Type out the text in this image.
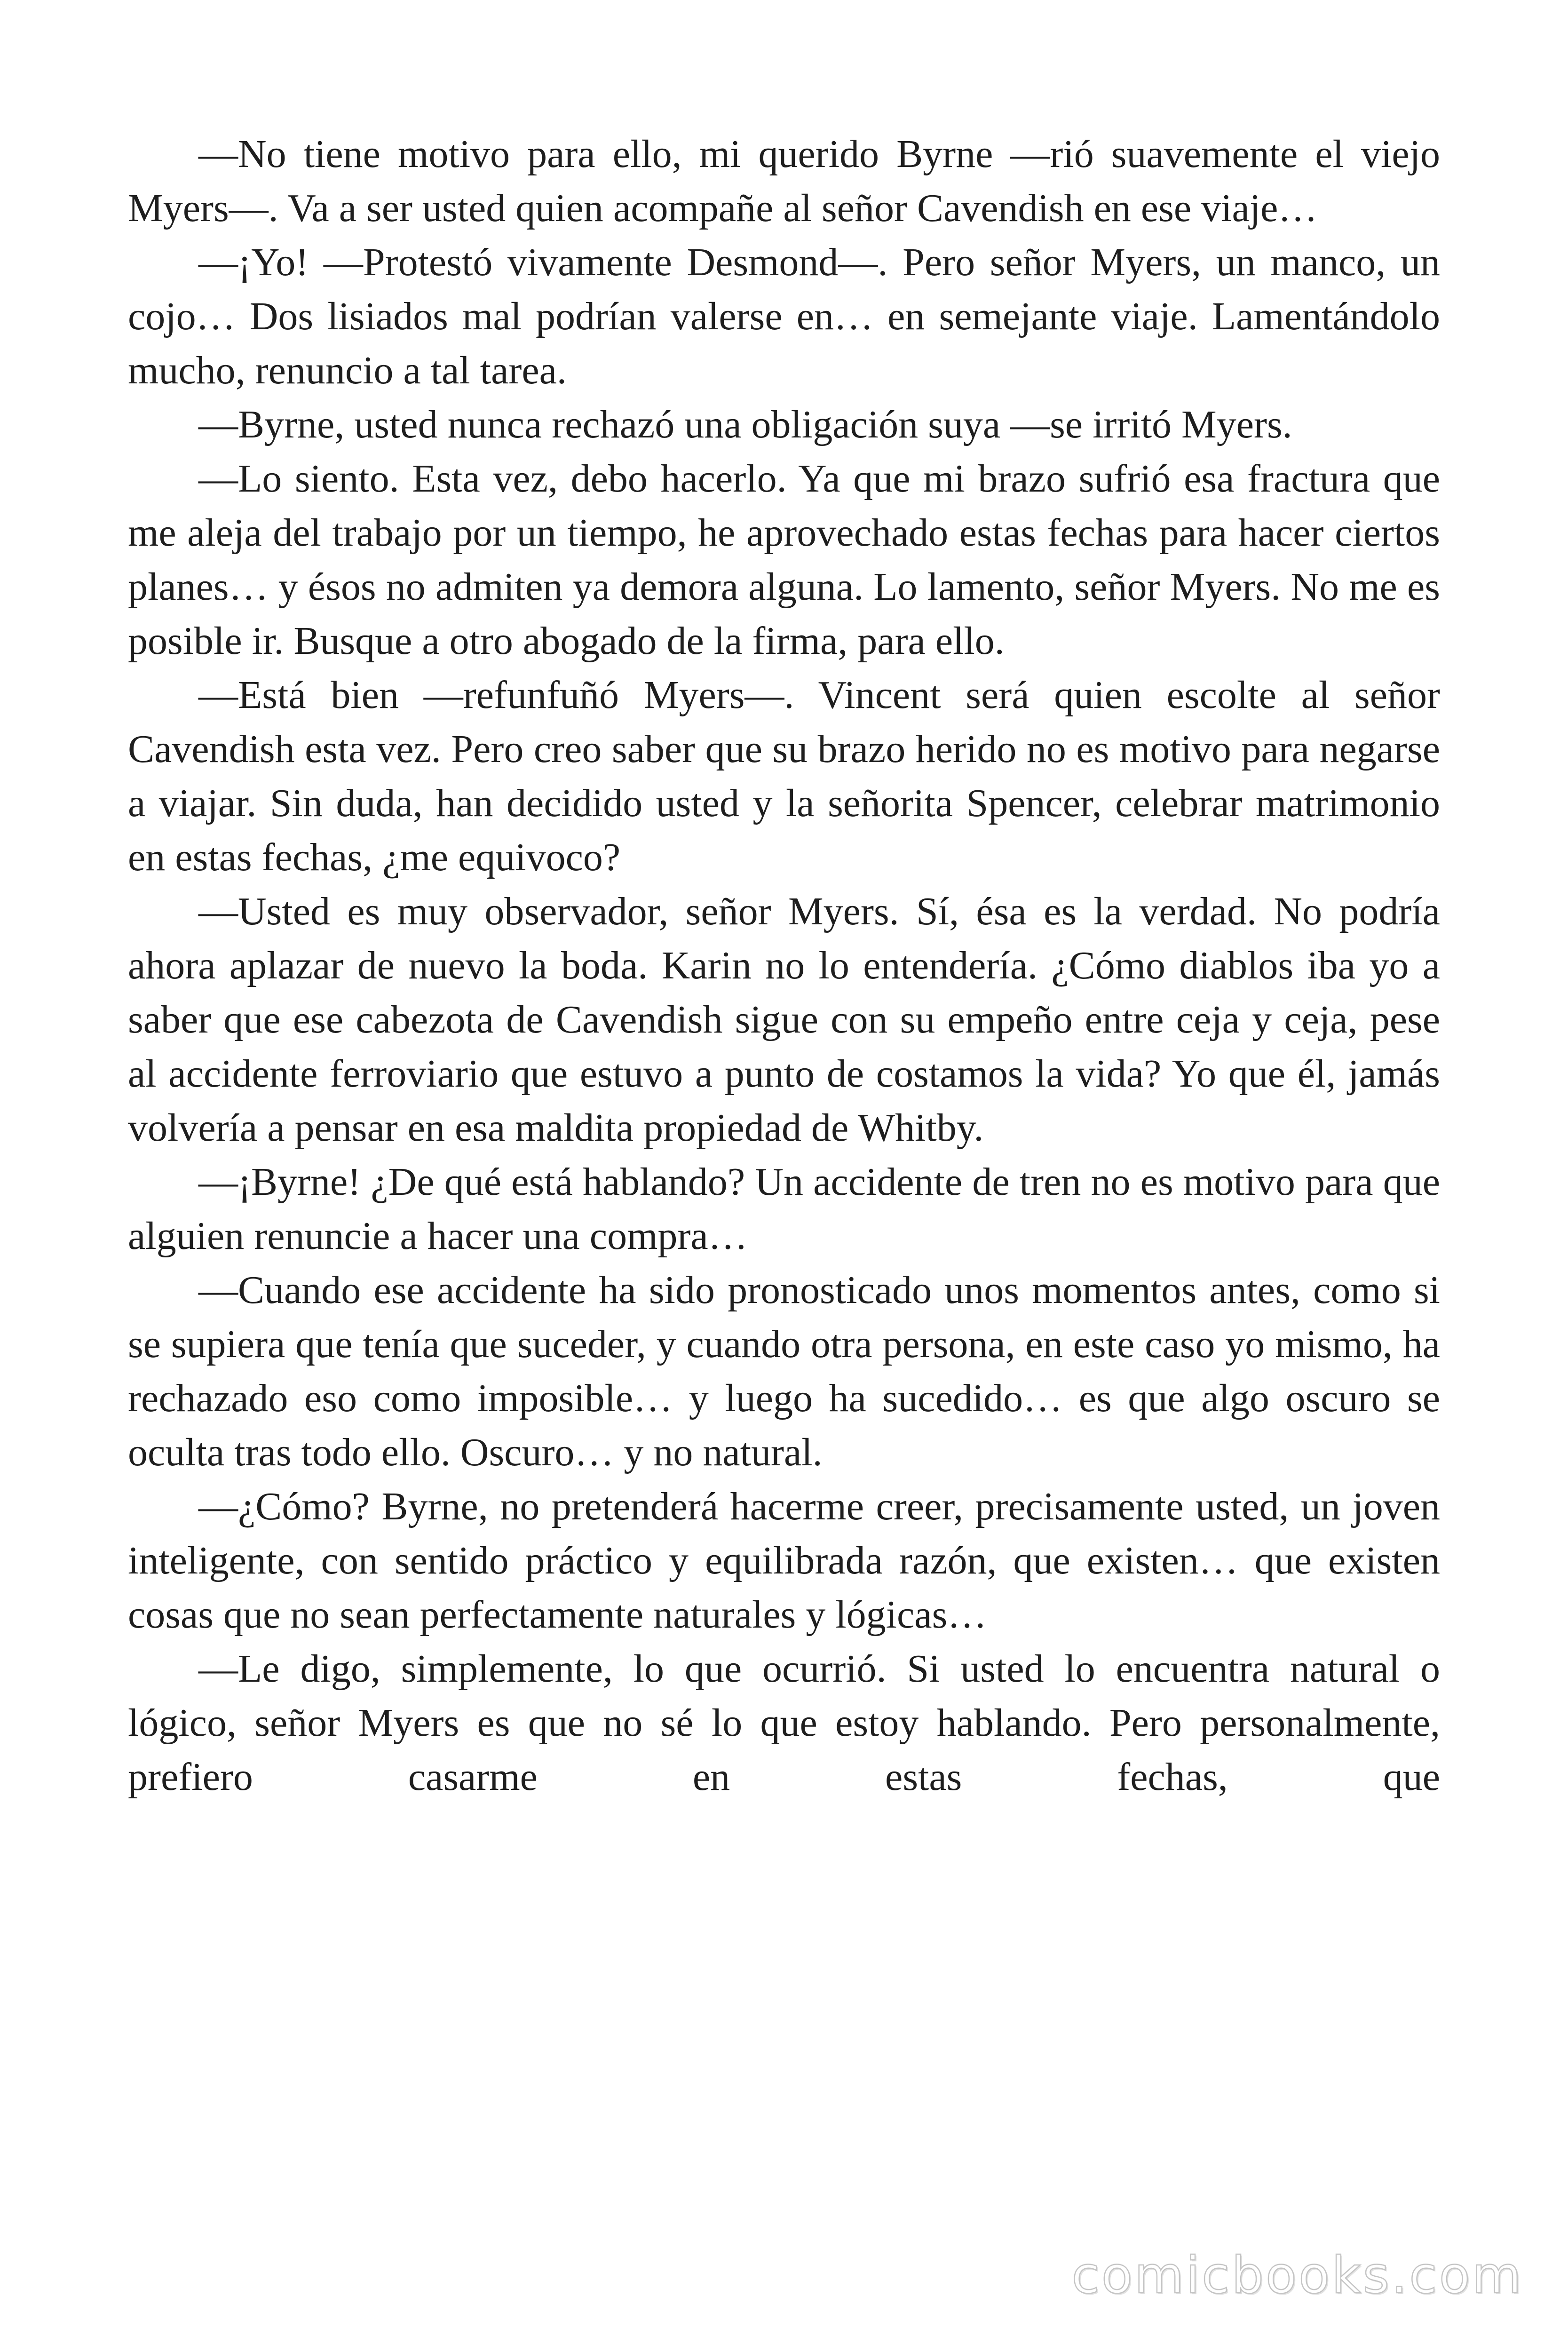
—No tiene motivo para ello, mi querido Byrne —rió suavemente el viejo Myers—. Va a ser usted quien acompañe al señor Cavendish en ese viaje…

—¡Yo! —Protestó vivamente Desmond—. Pero señor Myers, un manco, un cojo… Dos lisiados mal podrían valerse en… en semejante viaje. Lamentándolo mucho, renuncio a tal tarea.

—Byrne, usted nunca rechazó una obligación suya —se irritó Myers.

—Lo siento. Esta vez, debo hacerlo. Ya que mi brazo sufrió esa fractura que me aleja del trabajo por un tiempo, he aprovechado estas fechas para hacer ciertos planes… y ésos no admiten ya demora alguna. Lo lamento, señor Myers. No me es posible ir. Busque a otro abogado de la firma, para ello.

—Está bien —refunfuñó Myers—. Vincent será quien escolte al señor Cavendish esta vez. Pero creo saber que su brazo herido no es motivo para negarse a viajar. Sin duda, han decidido usted y la señorita Spencer, celebrar matrimonio en estas fechas, ¿me equivoco?

—Usted es muy observador, señor Myers. Sí, ésa es la verdad. No podría ahora aplazar de nuevo la boda. Karin no lo entendería. ¿Cómo diablos iba yo a saber que ese cabezota de Cavendish sigue con su empeño entre ceja y ceja, pese al accidente ferroviario que estuvo a punto de costamos la vida? Yo que él, jamás volvería a pensar en esa maldita propiedad de Whitby.

—¡Byrne! ¿De qué está hablando? Un accidente de tren no es motivo para que alguien renuncie a hacer una compra…

—Cuando ese accidente ha sido pronosticado unos momentos antes, como si se supiera que tenía que suceder, y cuando otra persona, en este caso yo mismo, ha rechazado eso como imposible… y luego ha sucedido… es que algo oscuro se oculta tras todo ello. Oscuro… y no natural.

—¿Cómo? Byrne, no pretenderá hacerme creer, precisamente usted, un joven inteligente, con sentido práctico y equilibrada razón, que existen… que existen cosas que no sean perfectamente naturales y lógicas…

—Le digo, simplemente, lo que ocurrió. Si usted lo encuentra natural o lógico, señor Myers es que no sé lo que estoy hablando. Pero personalmente, prefiero casarme en estas fechas, que

comicbooks.com
